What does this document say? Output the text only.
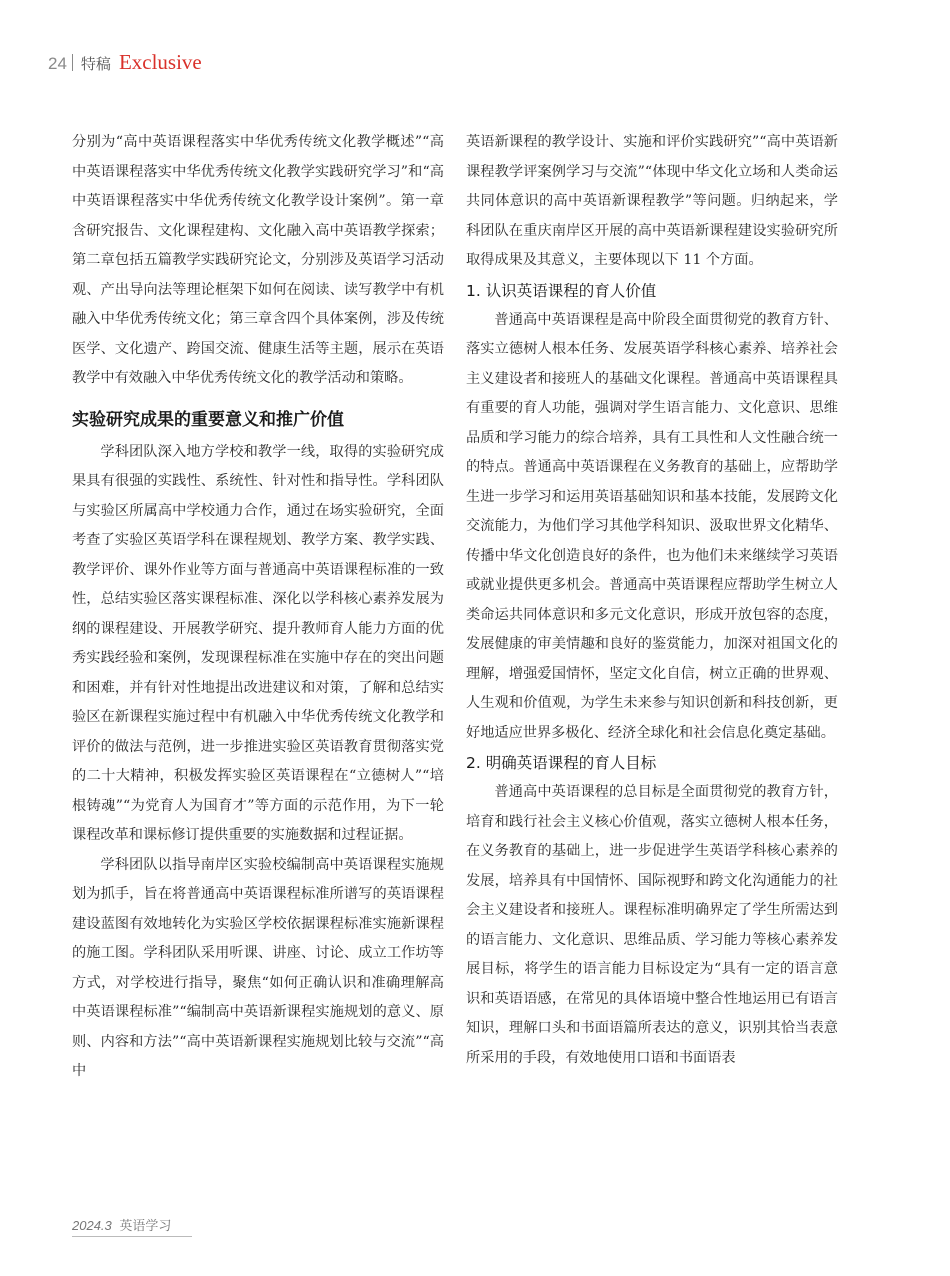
24 特稿 Exclusive

分别为“高中英语课程落实中华优秀传统文化教学概述”“高中英语课程落实中华优秀传统文化教学实践研究学习”和“高中英语课程落实中华优秀传统文化教学设计案例”。第一章含研究报告、文化课程建构、文化融入高中英语教学探索；第二章包括五篇教学实践研究论文，分别涉及英语学习活动观、产出导向法等理论框架下如何在阅读、读写教学中有机融入中华优秀传统文化；第三章含四个具体案例，涉及传统医学、文化遗产、跨国交流、健康生活等主题，展示在英语教学中有效融入中华优秀传统文化的教学活动和策略。

实验研究成果的重要意义和推广价值

学科团队深入地方学校和教学一线，取得的实验研究成果具有很强的实践性、系统性、针对性和指导性。学科团队与实验区所属高中学校通力合作，通过在场实验研究，全面考查了实验区英语学科在课程规划、教学方案、教学实践、教学评价、课外作业等方面与普通高中英语课程标准的一致性，总结实验区落实课程标准、深化以学科核心素养发展为纲的课程建设、开展教学研究、提升教师育人能力方面的优秀实践经验和案例，发现课程标准在实施中存在的突出问题和困难，并有针对性地提出改进建议和对策，了解和总结实验区在新课程实施过程中有机融入中华优秀传统文化教学和评价的做法与范例，进一步推进实验区英语教育贯彻落实党的二十大精神，积极发挥实验区英语课程在“立德树人”“培根铸魂”“为党育人为国育才”等方面的示范作用，为下一轮课程改革和课标修订提供重要的实施数据和过程证据。

学科团队以指导南岸区实验校编制高中英语课程实施规划为抓手，旨在将普通高中英语课程标准所谱写的英语课程建设蓝图有效地转化为实验区学校依据课程标准实施新课程的施工图。学科团队采用听课、讲座、讨论、成立工作坊等方式，对学校进行指导，聚焦“如何正确认识和准确理解高中英语课程标准”“编制高中英语新课程实施规划的意义、原则、内容和方法”“高中英语新课程实施规划比较与交流”“高中

英语新课程的教学设计、实施和评价实践研究”“高中英语新课程教学评案例学习与交流”“体现中华文化立场和人类命运共同体意识的高中英语新课程教学”等问题。归纳起来，学科团队在重庆南岸区开展的高中英语新课程建设实验研究所取得成果及其意义，主要体现以下 11 个方面。

1. 认识英语课程的育人价值

普通高中英语课程是高中阶段全面贯彻党的教育方针、落实立德树人根本任务、发展英语学科核心素养、培养社会主义建设者和接班人的基础文化课程。普通高中英语课程具有重要的育人功能，强调对学生语言能力、文化意识、思维品质和学习能力的综合培养，具有工具性和人文性融合统一的特点。普通高中英语课程在义务教育的基础上，应帮助学生进一步学习和运用英语基础知识和基本技能，发展跨文化交流能力，为他们学习其他学科知识、汲取世界文化精华、传播中华文化创造良好的条件，也为他们未来继续学习英语或就业提供更多机会。普通高中英语课程应帮助学生树立人类命运共同体意识和多元文化意识，形成开放包容的态度，发展健康的审美情趣和良好的鉴赏能力，加深对祖国文化的理解，增强爱国情怀，坚定文化自信，树立正确的世界观、人生观和价值观，为学生未来参与知识创新和科技创新，更好地适应世界多极化、经济全球化和社会信息化奠定基础。

2. 明确英语课程的育人目标

普通高中英语课程的总目标是全面贯彻党的教育方针，培育和践行社会主义核心价值观，落实立德树人根本任务，在义务教育的基础上，进一步促进学生英语学科核心素养的发展，培养具有中国情怀、国际视野和跨文化沟通能力的社会主义建设者和接班人。课程标准明确界定了学生所需达到的语言能力、文化意识、思维品质、学习能力等核心素养发展目标，将学生的语言能力目标设定为“具有一定的语言意识和英语语感，在常见的具体语境中整合性地运用已有语言知识，理解口头和书面语篇所表达的意义，识别其恰当表意所采用的手段，有效地使用口语和书面语表

2024.3 英语学习
